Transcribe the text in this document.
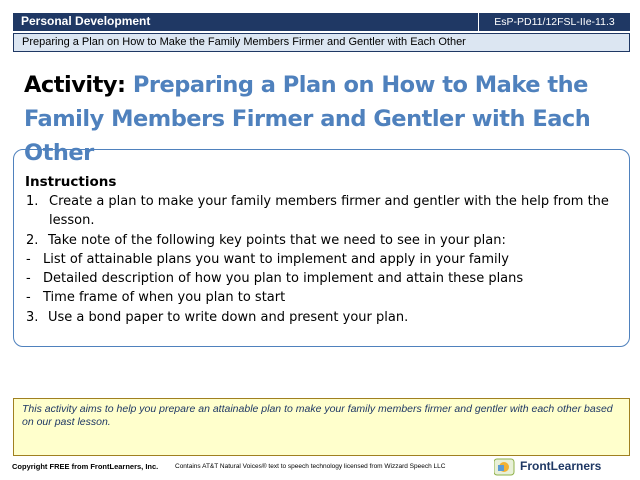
Personal Development	EsP-PD11/12FSL-IIe-11.3
Preparing a Plan on How to Make the Family Members Firmer and Gentler with Each Other
Activity: Preparing a Plan on How to Make the Family Members Firmer and Gentler with Each Other
Instructions
1. Create a plan to make your family members firmer and gentler with the help from the
lesson.
2. Take note of the following key points that we need to see in your plan:
- List of attainable plans you want to implement and apply in your family
- Detailed description of how you plan to implement and attain these plans
- Time frame of when you plan to start
3. Use a bond paper to write down and present your plan.
This activity aims to help you prepare an attainable plan to make your family members firmer and gentler with each other based on our past lesson.
Copyright FREE from FrontLearners, Inc.	Contains AT&T Natural Voices® text to speech technology licensed from Wizzard Speech LLC	FrontLearners
